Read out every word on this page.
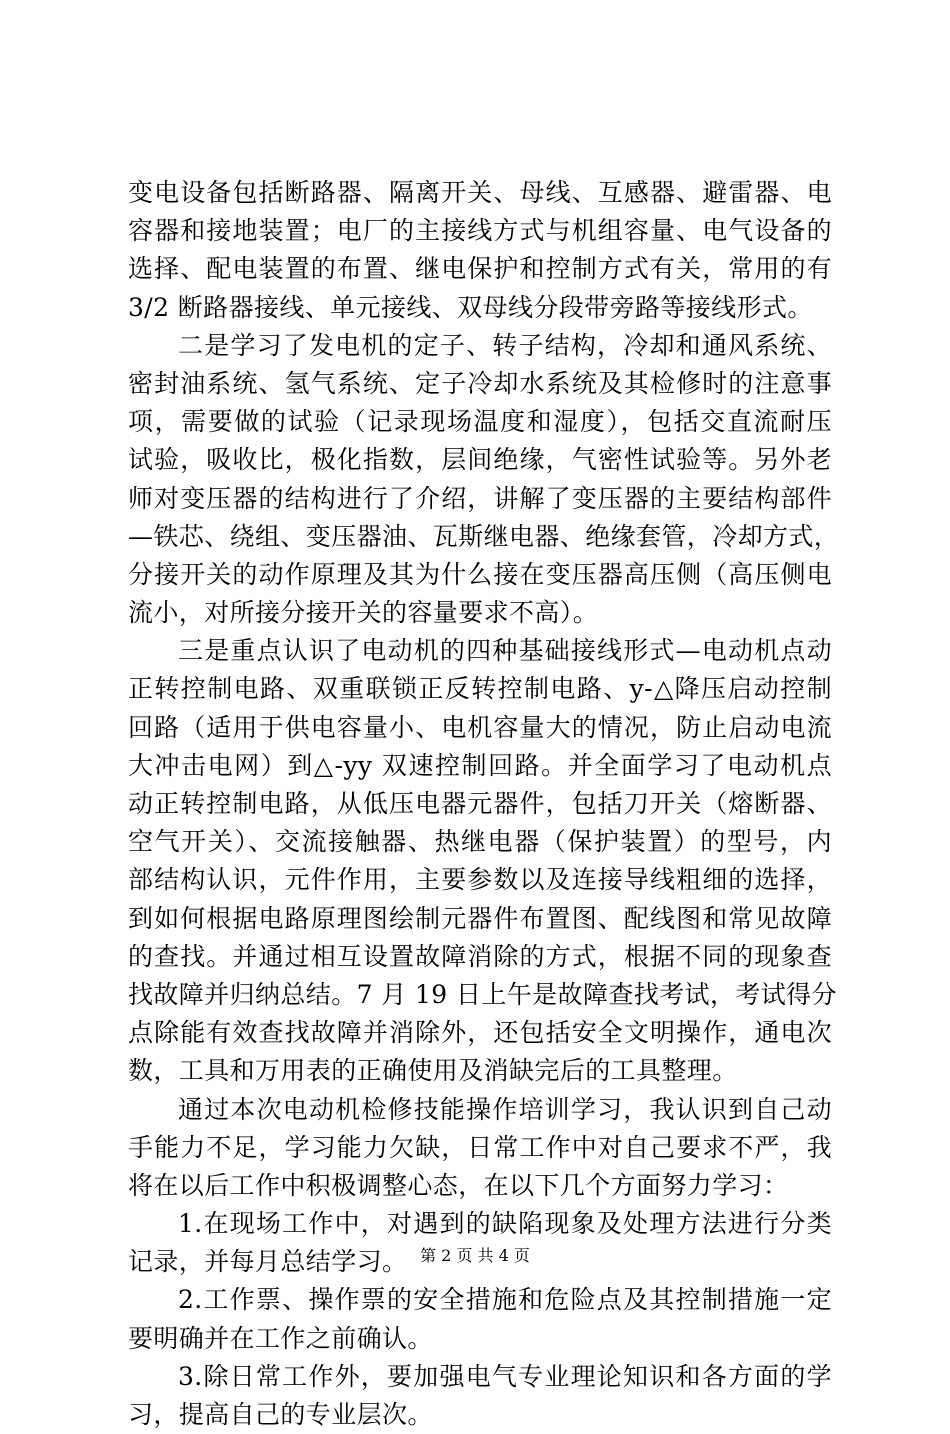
变电设备包括断路器、隔离开关、母线、互感器、避雷器、电
容器和接地装置；电厂的主接线方式与机组容量、电气设备的
选择、配电装置的布置、继电保护和控制方式有关，常用的有
3/2 断路器接线、单元接线、双母线分段带旁路等接线形式。
二是学习了发电机的定子、转子结构，冷却和通风系统、
密封油系统、氢气系统、定子冷却水系统及其检修时的注意事
项，需要做的试验（记录现场温度和湿度），包括交直流耐压
试验，吸收比，极化指数，层间绝缘，气密性试验等。另外老
师对变压器的结构进行了介绍，讲解了变压器的主要结构部件
—铁芯、绕组、变压器油、瓦斯继电器、绝缘套管，冷却方式，
分接开关的动作原理及其为什么接在变压器高压侧（高压侧电
流小，对所接分接开关的容量要求不高）。
三是重点认识了电动机的四种基础接线形式—电动机点动
正转控制电路、双重联锁正反转控制电路、y-△降压启动控制
回路（适用于供电容量小、电机容量大的情况，防止启动电流
大冲击电网）到△-yy 双速控制回路。并全面学习了电动机点
动正转控制电路，从低压电器元器件，包括刀开关（熔断器、
空气开关）、交流接触器、热继电器（保护装置）的型号，内
部结构认识，元件作用，主要参数以及连接导线粗细的选择，
到如何根据电路原理图绘制元器件布置图、配线图和常见故障
的查找。并通过相互设置故障消除的方式，根据不同的现象查
找故障并归纳总结。7 月 19 日上午是故障查找考试，考试得分
点除能有效查找故障并消除外，还包括安全文明操作，通电次
数，工具和万用表的正确使用及消缺完后的工具整理。
通过本次电动机检修技能操作培训学习，我认识到自己动
手能力不足，学习能力欠缺，日常工作中对自己要求不严，我
将在以后工作中积极调整心态，在以下几个方面努力学习：
1.在现场工作中，对遇到的缺陷现象及处理方法进行分类
记录，并每月总结学习。
2.工作票、操作票的安全措施和危险点及其控制措施一定
要明确并在工作之前确认。
3.除日常工作外，要加强电气专业理论知识和各方面的学
习，提高自己的专业层次。
第 2 页 共 4 页
